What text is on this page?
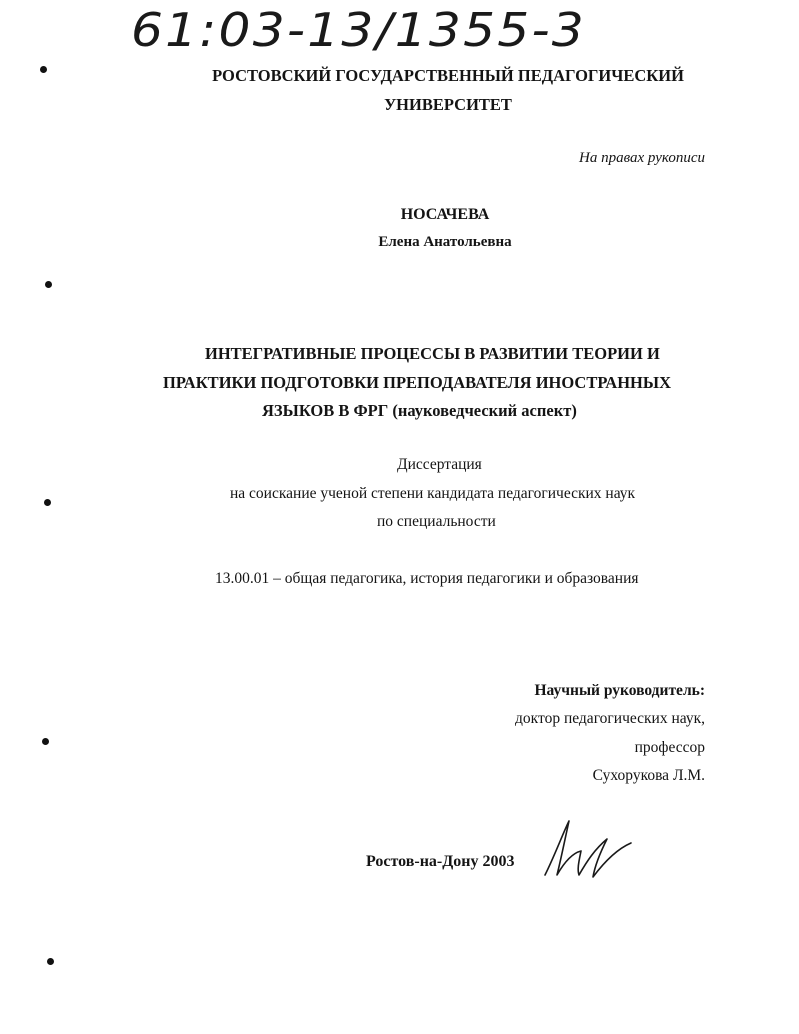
61:03-13/1355-3
РОСТОВСКИЙ ГОСУДАРСТВЕННЫЙ ПЕДАГОГИЧЕСКИЙ
УНИВЕРСИТЕТ
На правах рукописи
НОСАЧЕВА
Елена Анатольевна
ИНТЕГРАТИВНЫЕ ПРОЦЕССЫ В РАЗВИТИИ ТЕОРИИ И
ПРАКТИКИ ПОДГОТОВКИ ПРЕПОДАВАТЕЛЯ ИНОСТРАННЫХ
ЯЗЫКОВ В ФРГ (науковедческий аспект)
Диссертация
на соискание ученой степени кандидата педагогических наук
по специальности
13.00.01 – общая педагогика, история педагогики и образования
Научный руководитель:
доктор педагогических наук,
профессор
Сухорукова Л.М.
Ростов-на-Дону 2003
